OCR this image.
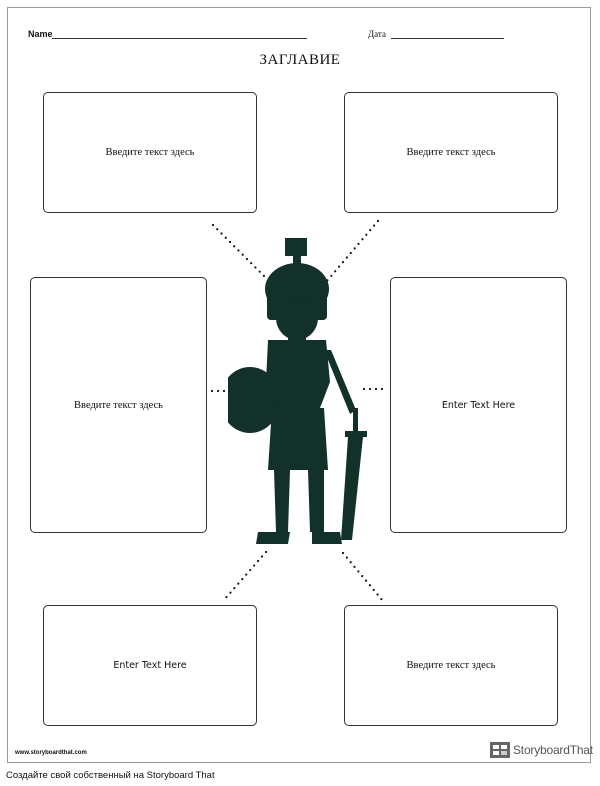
Name	Дата
ЗАГЛАВИЕ
Введите текст здесь	Введите текст здесь
Введите текст здесь	Enter Text Here
Enter Text Here	Введите текст здесь
www.storyboardthat.com	StoryboardThat
Создайте свой собственный на Storyboard That
